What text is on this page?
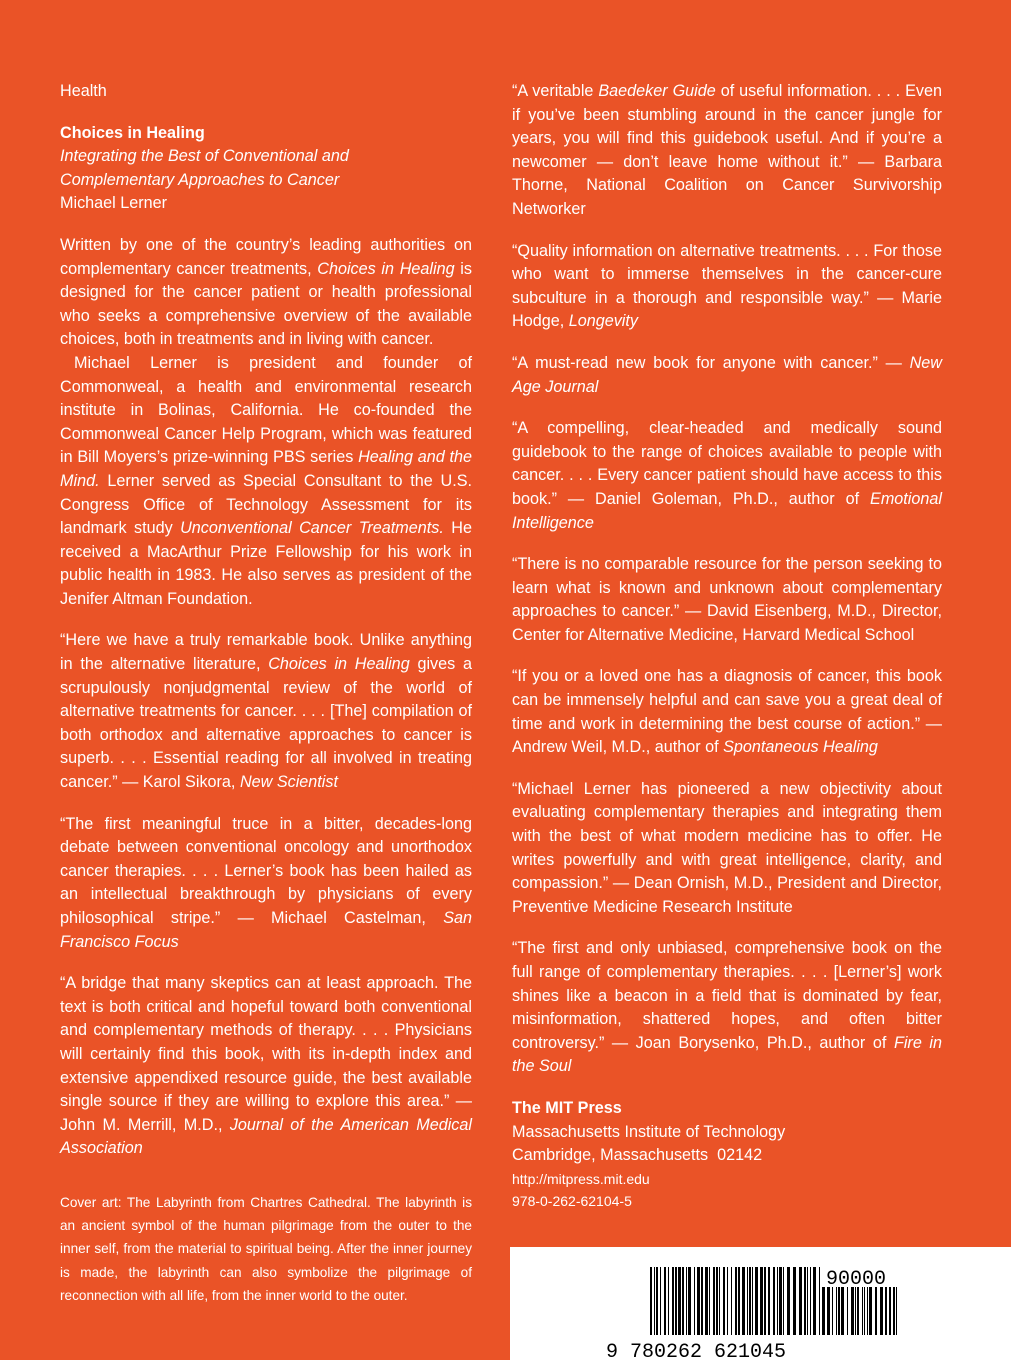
Health

Choices in Healing

Integrating the Best of Conventional and

Complementary Approaches to Cancer

Michael Lerner

Written by one of the country’s leading authorities on complementary cancer treatments, Choices in Healing is designed for the cancer patient or health professional who seeks a comprehensive overview of the available choices, both in treatments and in living with cancer.

Michael Lerner is president and founder of Commonweal, a health and environmental research institute in Bolinas, California. He co-founded the Commonweal Cancer Help Program, which was featured in Bill Moyers’s prize-winning PBS series Healing and the Mind. Lerner served as Special Consultant to the U.S. Congress Office of Technology Assessment for its landmark study Unconventional Cancer Treatments. He received a MacArthur Prize Fellowship for his work in public health in 1983. He also serves as president of the Jenifer Altman Foundation.

“Here we have a truly remarkable book. Unlike anything in the alternative literature, Choices in Healing gives a scrupulously nonjudgmental review of the world of alternative treatments for cancer. . . . [The] compilation of both orthodox and alternative approaches to cancer is superb. . . . Essential reading for all involved in treating cancer.” — Karol Sikora, New Scientist

“The first meaningful truce in a bitter, decades-long debate between conventional oncology and unorthodox cancer therapies. . . . Lerner’s book has been hailed as an intellectual breakthrough by physicians of every philosophical stripe.” — Michael Castelman, San Francisco Focus

“A bridge that many skeptics can at least approach. The text is both critical and hopeful toward both conventional and complementary methods of therapy. . . . Physicians will certainly find this book, with its in-depth index and extensive appendixed resource guide, the best available single source if they are willing to explore this area.” — John M. Merrill, M.D., Journal of the American Medical Association

Cover art: The Labyrinth from Chartres Cathedral. The labyrinth is an ancient symbol of the human pilgrimage from the outer to the inner self, from the material to spiritual being. After the inner journey is made, the labyrinth can also symbolize the pilgrimage of reconnection with all life, from the inner world to the outer.

“A veritable Baedeker Guide of useful information. . . . Even if you’ve been stumbling around in the cancer jungle for years, you will find this guidebook useful. And if you’re a newcomer — don’t leave home without it.” — Barbara Thorne, National Coalition on Cancer Survivorship Networker

“Quality information on alternative treatments. . . . For those who want to immerse themselves in the cancer-cure subculture in a thorough and responsible way.” — Marie Hodge, Longevity

“A must-read new book for anyone with cancer.” — New Age Journal

“A compelling, clear-headed and medically sound guidebook to the range of choices available to people with cancer. . . . Every cancer patient should have access to this book.” — Daniel Goleman, Ph.D., author of Emotional Intelligence

“There is no comparable resource for the person seeking to learn what is known and unknown about complementary approaches to cancer.” — David Eisenberg, M.D., Director, Center for Alternative Medicine, Harvard Medical School

“If you or a loved one has a diagnosis of cancer, this book can be immensely helpful and can save you a great deal of time and work in determining the best course of action.” — Andrew Weil, M.D., author of Spontaneous Healing

“Michael Lerner has pioneered a new objectivity about evaluating complementary therapies and integrating them with the best of what modern medicine has to offer. He writes powerfully and with great intelligence, clarity, and compassion.” — Dean Ornish, M.D., President and Director, Preventive Medicine Research Institute

“The first and only unbiased, comprehensive book on the full range of complementary therapies. . . . [Lerner’s] work shines like a beacon in a field that is dominated by fear, misinformation, shattered hopes, and often bitter controversy.” — Joan Borysenko, Ph.D., author of Fire in the Soul

The MIT Press

Massachusetts Institute of Technology

Cambridge, Massachusetts  02142

http://mitpress.mit.edu

978-0-262-62104-5

9 780262 621045
90000
